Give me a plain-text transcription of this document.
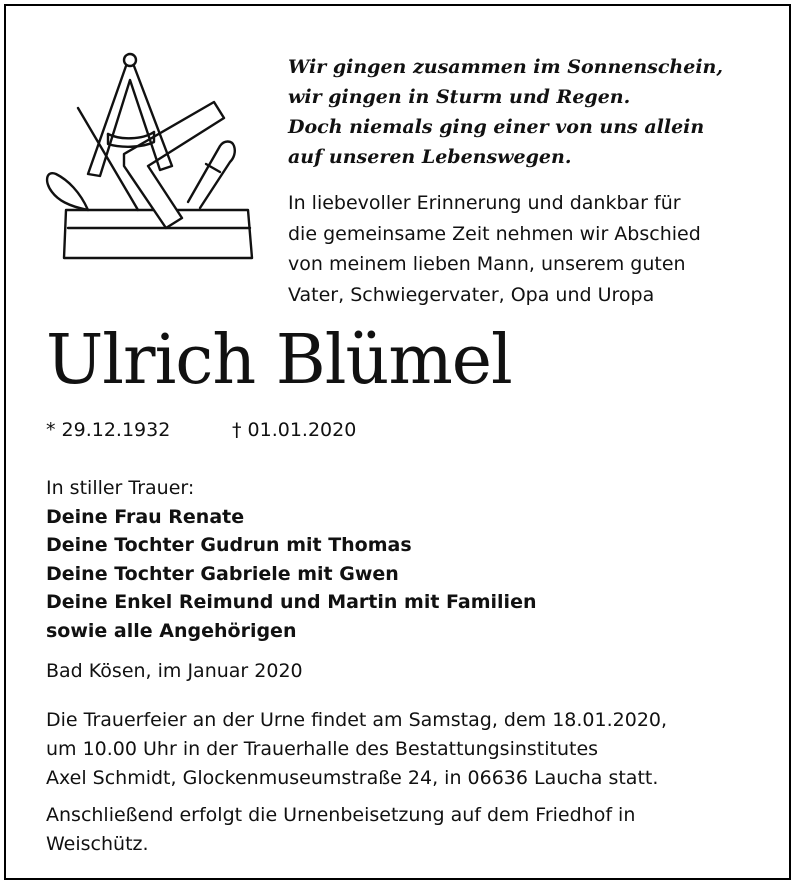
Wir gingen zusammen im Sonnenschein,
wir gingen in Sturm und Regen.
Doch niemals ging einer von uns allein
auf unseren Lebenswegen.
In liebevoller Erinnerung und dankbar für
die gemeinsame Zeit nehmen wir Abschied
von meinem lieben Mann, unserem guten
Vater, Schwiegervater, Opa und Uropa
Ulrich Blümel
* 29.12.1932	† 01.01.2020
In stiller Trauer:
Deine Frau Renate
Deine Tochter Gudrun mit Thomas
Deine Tochter Gabriele mit Gwen
Deine Enkel Reimund und Martin mit Familien
sowie alle Angehörigen
Bad Kösen, im Januar 2020
Die Trauerfeier an der Urne findet am Samstag, dem 18.01.2020,
um 10.00 Uhr in der Trauerhalle des Bestattungsinstitutes
Axel Schmidt, Glockenmuseumstraße 24, in 06636 Laucha statt.
Anschließend erfolgt die Urnenbeisetzung auf dem Friedhof in
Weischütz.
